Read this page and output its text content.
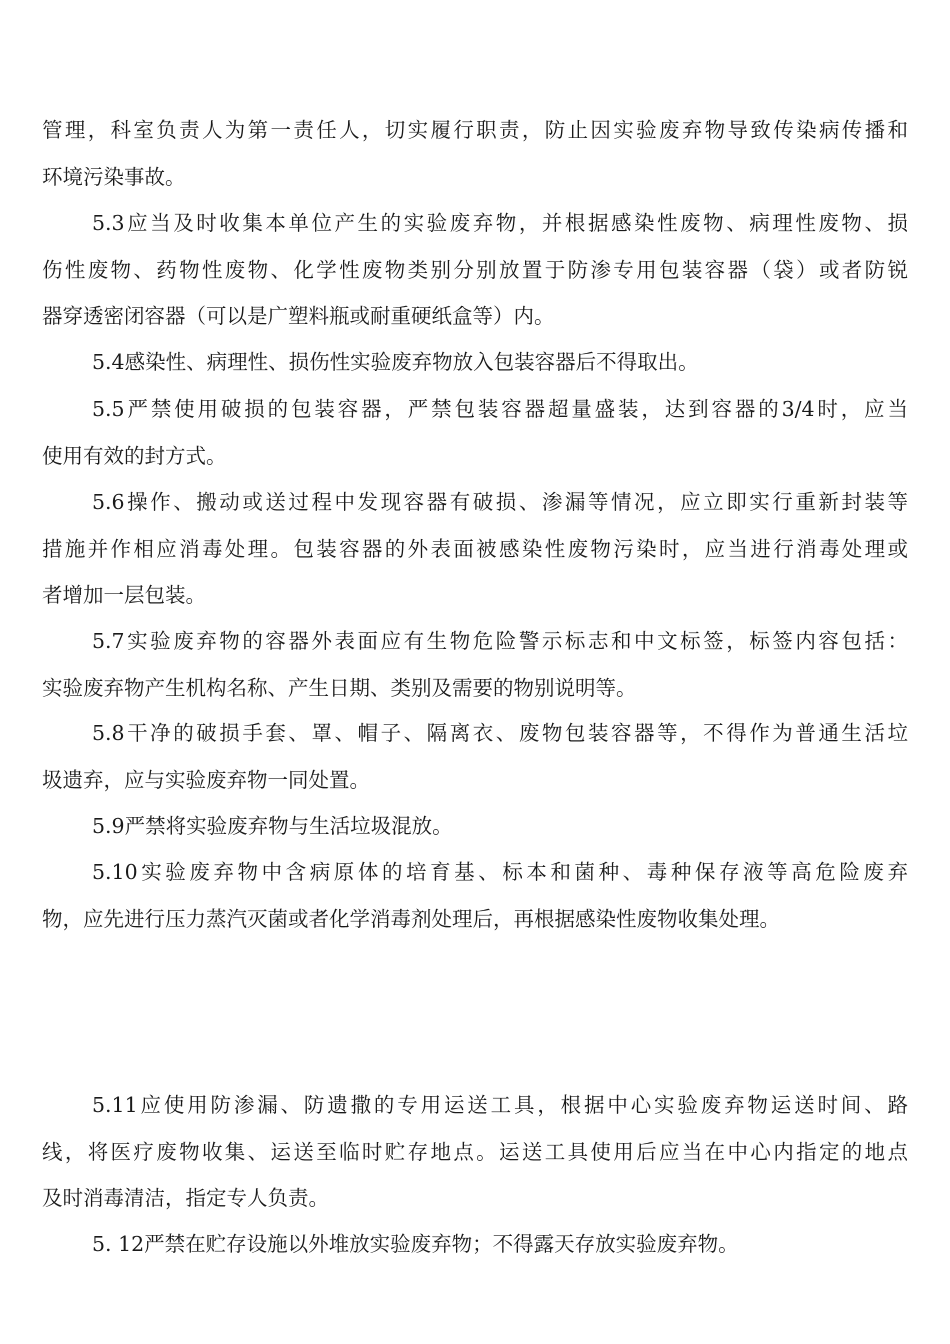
管理，科室负责人为第一责任人，切实履行职责，防止因实验废弃物导致传染病传播和
环境污染事故。
5.3应当及时收集本单位产生的实验废弃物，并根据感染性废物、病理性废物、损
伤性废物、药物性废物、化学性废物类别分别放置于防渗专用包装容器（袋）或者防锐
器穿透密闭容器（可以是广塑料瓶或耐重硬纸盒等）内。
5.4感染性、病理性、损伤性实验废弃物放入包装容器后不得取出。
5.5严禁使用破损的包装容器，严禁包装容器超量盛装，达到容器的3/4时，应当
使用有效的封方式。
5.6操作、搬动或送过程中发现容器有破损、渗漏等情况，应立即实行重新封装等
措施并作相应消毒处理。包装容器的外表面被感染性废物污染时，应当进行消毒处理或
者增加一层包装。
5.7实验废弃物的容器外表面应有生物危险警示标志和中文标签，标签内容包括：
实验废弃物产生机构名称、产生日期、类别及需要的物别说明等。
5.8干净的破损手套、罩、帽子、隔离衣、废物包装容器等，不得作为普通生活垃
圾遗弃，应与实验废弃物一同处置。
5.9严禁将实验废弃物与生活垃圾混放。
5.10实验废弃物中含病原体的培育基、标本和菌种、毒种保存液等高危险废弃
物，应先进行压力蒸汽灭菌或者化学消毒剂处理后，再根据感染性废物收集处理。
5.11应使用防渗漏、防遗撒的专用运送工具，根据中心实验废弃物运送时间、路
线，将医疗废物收集、运送至临时贮存地点。运送工具使用后应当在中心内指定的地点
及时消毒清洁，指定专人负责。
5. 12严禁在贮存设施以外堆放实验废弃物；不得露天存放实验废弃物。
